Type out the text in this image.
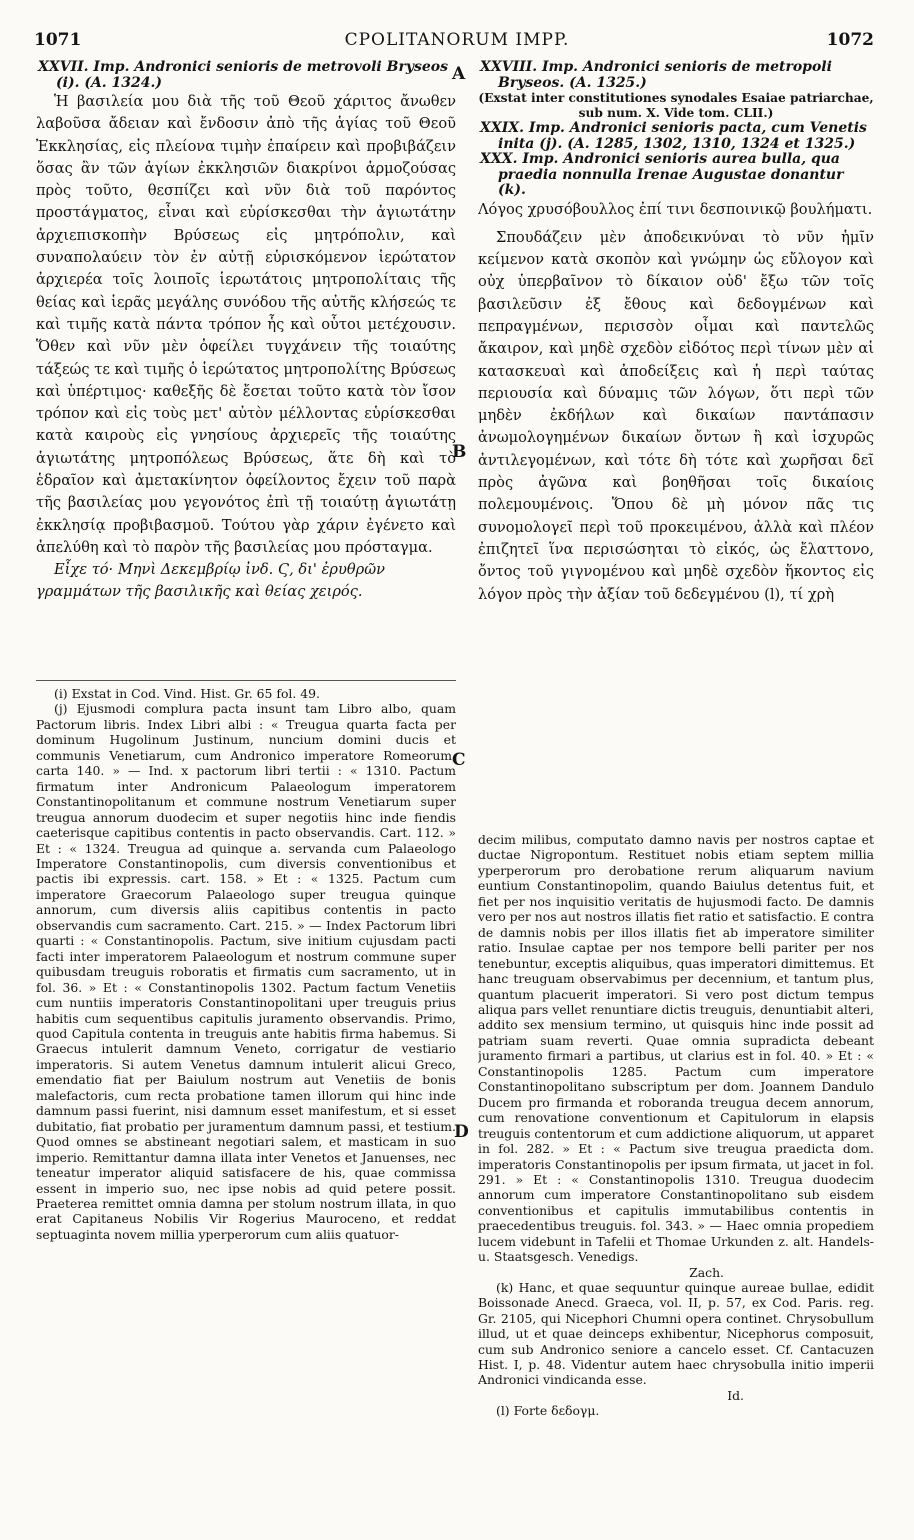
1071	CPOLITANORUM IMPP.	1072
A
B
C
D

XXVII. Imp. Andronici senioris de metrovoli Bryseos (i). (A. 1324.)

Ἡ βασιλεία μου διὰ τῆς τοῦ Θεοῦ χάριτος ἄνωθεν λαβοῦσα ἄδειαν καὶ ἔνδοσιν ἀπὸ τῆς ἁγίας τοῦ Θεοῦ Ἐκκλησίας, εἰς πλείονα τιμὴν ἐπαίρειν καὶ προβιβάζειν ὅσας ἂν τῶν ἁγίων ἐκκλησιῶν διακρίνοι ἁρμοζούσας πρὸς τοῦτο, θεσπίζει καὶ νῦν διὰ τοῦ παρόντος προστάγματος, εἶναι καὶ εὑρίσκεσθαι τὴν ἁγιωτάτην ἀρχιεπισκοπὴν Βρύσεως εἰς μητρόπολιν, καὶ συναπολαύειν τὸν ἐν αὐτῇ εὑρισκόμενον ἱερώτατον ἀρχιερέα τοῖς λοιποῖς ἱερωτάτοις μητροπολίταις τῆς θείας καὶ ἱερᾶς μεγάλης συνόδου τῆς αὐτῆς κλήσεώς τε καὶ τιμῆς κατὰ πάντα τρόπον ἧς καὶ οὗτοι μετέχουσιν. Ὅθεν καὶ νῦν μὲν ὀφείλει τυγχάνειν τῆς τοιαύτης τάξεώς τε καὶ τιμῆς ὁ ἱερώτατος μητροπολίτης Βρύσεως καὶ ὑπέρτιμος· καθεξῆς δὲ ἔσεται τοῦτο κατὰ τὸν ἴσον τρόπον καὶ εἰς τοὺς μετ' αὐτὸν μέλλοντας εὑρίσκεσθαι κατὰ καιροὺς εἰς γνησίους ἀρχιερεῖς τῆς τοιαύτης ἁγιωτάτης μητροπόλεως Βρύσεως, ἅτε δὴ καὶ τὸ ἑδραῖον καὶ ἀμετακίνητον ὀφείλοντος ἔχειν τοῦ παρὰ τῆς βασιλείας μου γεγονότος ἐπὶ τῇ τοιαύτῃ ἁγιωτάτῃ ἐκκλησίᾳ προβιβασμοῦ. Τούτου γὰρ χάριν ἐγένετο καὶ ἀπελύθη καὶ τὸ παρὸν τῆς βασιλείας μου πρόσταγμα.

Εἶχε τό· Μηνὶ Δεκεμβρίῳ ἰνδ. Ϛ, δι' ἐρυθρῶν γραμμάτων τῆς βασιλικῆς καὶ θείας χειρός.

(i) Exstat in Cod. Vind. Hist. Gr. 65 fol. 49.

(j) Ejusmodi complura pacta insunt tam Libro albo, quam Pactorum libris. Index Libri albi : « Treugua quarta facta per dominum Hugolinum Justinum, nuncium domini ducis et communis Venetiarum, cum Andronico imperatore Romeorum, carta 140. » — Ind. x pactorum libri tertii : « 1310. Pactum firmatum inter Andronicum Palaeologum imperatorem Constantinopolitanum et commune nostrum Venetiarum super treugua annorum duodecim et super negotiis hinc inde fiendis caeterisque capitibus contentis in pacto observandis. Cart. 112. » Et : « 1324. Treugua ad quinque a. servanda cum Palaeologo Imperatore Constantinopolis, cum diversis conventionibus et pactis ibi expressis. cart. 158. » Et : « 1325. Pactum cum imperatore Graecorum Palaeologo super treugua quinque annorum, cum diversis aliis capitibus contentis in pacto observandis cum sacramento. Cart. 215. » — Index Pactorum libri quarti : « Constantinopolis. Pactum, sive initium cujusdam pacti facti inter imperatorem Palaeologum et nostrum commune super quibusdam treuguis roboratis et firmatis cum sacramento, ut in fol. 36. » Et : « Constantinopolis 1302. Pactum factum Venetiis cum nuntiis imperatoris Constantinopolitani uper treuguis prius habitis cum sequentibus capitulis juramento observandis. Primo, quod Capitula contenta in treuguis ante habitis firma habemus. Si Graecus intulerit damnum Veneto, corrigatur de vestiario imperatoris. Si autem Venetus damnum intulerit alicui Greco, emendatio fiat per Baiulum nostrum aut Venetiis de bonis malefactoris, cum recta probatione tamen illorum qui hinc inde damnum passi fuerint, nisi damnum esset manifestum, et si esset dubitatio, fiat probatio per juramentum damnum passi, et testium. Quod omnes se abstineant negotiari salem, et masticam in suo imperio. Remittantur damna illata inter Venetos et Januenses, nec teneatur imperator aliquid satisfacere de his, quae commissa essent in imperio suo, nec ipse nobis ad quid petere possit. Praeterea remittet omnia damna per stolum nostrum illata, in quo erat Capitaneus Nobilis Vir Rogerius Mauroceno, et reddat septuaginta novem millia yperperorum cum aliis quatuor-

XXVIII. Imp. Andronici senioris de metropoli Bryseos. (A. 1325.)

(Exstat inter constitutiones synodales Esaiae patriarchae, sub num. X. Vide tom. CLII.)

XXIX. Imp. Andronici senioris pacta, cum Venetis inita (j). (A. 1285, 1302, 1310, 1324 et 1325.)

XXX. Imp. Andronici senioris aurea bulla, qua praedia nonnulla Irenae Augustae donantur (k).

Λόγος χρυσόβουλλος ἐπί τινι δεσποινικῷ βουλήματι.

Σπουδάζειν μὲν ἀποδεικνύναι τὸ νῦν ἡμῖν κείμενον κατὰ σκοπὸν καὶ γνώμην ὡς εὔλογον καὶ οὐχ ὑπερβαῖνον τὸ δίκαιον οὐδ' ἔξω τῶν τοῖς βασιλεῦσιν ἐξ ἔθους καὶ δεδογμένων καὶ πεπραγμένων, περισσὸν οἶμαι καὶ παντελῶς ἄκαιρον, καὶ μηδὲ σχεδὸν εἰδότος περὶ τίνων μὲν αἱ κατασκευαὶ καὶ ἀποδείξεις καὶ ἡ περὶ ταύτας περιουσία καὶ δύναμις τῶν λόγων, ὅτι περὶ τῶν μηδὲν ἐκδήλων καὶ δικαίων παντάπασιν ἀνωμολογημένων δικαίων ὄντων ἢ καὶ ἰσχυρῶς ἀντιλεγομένων, καὶ τότε δὴ τότε καὶ χωρῆσαι δεῖ πρὸς ἀγῶνα καὶ βοηθῆσαι τοῖς δικαίοις πολεμουμένοις. Ὅπου δὲ μὴ μόνον πᾶς τις συνομολογεῖ περὶ τοῦ προκειμένου, ἀλλὰ καὶ πλέον ἐπιζητεῖ ἵνα περισώσηται τὸ εἰκός, ὡς ἔλαττονο, ὄντος τοῦ γιγνομένου καὶ μηδὲ σχεδὸν ἥκοντος εἰς λόγον πρὸς τὴν ἀξίαν τοῦ δεδεγμένου (l), τί χρὴ

decim milibus, computato damno navis per nostros captae et ductae Nigropontum. Restituet nobis etiam septem millia yperperorum pro derobatione rerum aliquarum navium euntium Constantinopolim, quando Baiulus detentus fuit, et fiet per nos inquisitio veritatis de hujusmodi facto. De damnis vero per nos aut nostros illatis fiet ratio et satisfactio. E contra de damnis nobis per illos illatis fiet ab imperatore similiter ratio. Insulae captae per nos tempore belli pariter per nos tenebuntur, exceptis aliquibus, quas imperatori dimittemus. Et hanc treuguam observabimus per decennium, et tantum plus, quantum placuerit imperatori. Si vero post dictum tempus aliqua pars vellet renuntiare dictis treuguis, denuntiabit alteri, addito sex mensium termino, ut quisquis hinc inde possit ad patriam suam reverti. Quae omnia supradicta debeant juramento firmari a partibus, ut clarius est in fol. 40. » Et : « Constantinopolis 1285. Pactum cum imperatore Constantinopolitano subscriptum per dom. Joannem Dandulo Ducem pro firmanda et roboranda treugua decem annorum, cum renovatione conventionum et Capitulorum in elapsis treuguis contentorum et cum addictione aliquorum, ut apparet in fol. 282. » Et : « Pactum sive treugua praedicta dom. imperatoris Constantinopolis per ipsum firmata, ut jacet in fol. 291. » Et : « Constantinopolis 1310. Treugua duodecim annorum cum imperatore Constantinopolitano sub eisdem conventionibus et capitulis immutabilibus contentis in praecedentibus treuguis. fol. 343. » — Haec omnia propediem lucem videbunt in Tafelii et Thomae Urkunden z. alt. Handels- u. Staatsgesch. Venedigs.

Zach.

(k) Hanc, et quae sequuntur quinque aureae bullae, edidit Boissonade Anecd. Graeca, vol. II, p. 57, ex Cod. Paris. reg. Gr. 2105, qui Nicephori Chumni opera continet. Chrysobullum illud, ut et quae deinceps exhibentur, Nicephorus composuit, cum sub Andronico seniore a cancelo esset. Cf. Cantacuzen Hist. I, p. 48. Videntur autem haec chrysobulla initio imperii Andronici vindicanda esse.

Id.

(l) Forte δεδογμ.
